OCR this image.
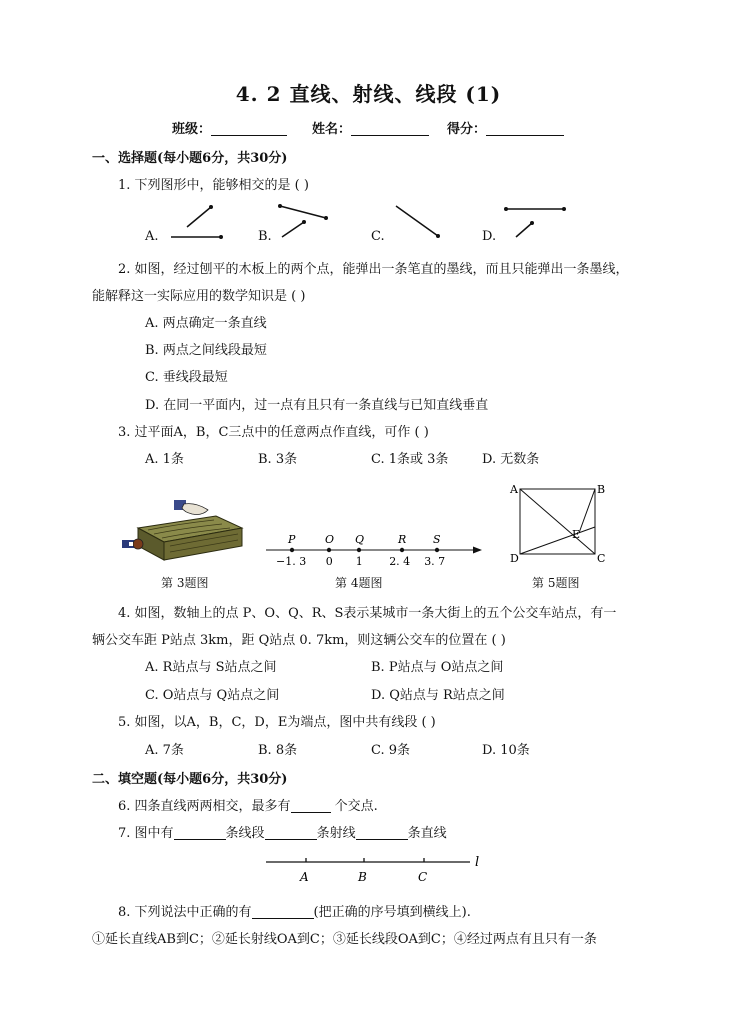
4. 2 直线、射线、线段 (1)
班级：	姓名：	得分：
一、选择题(每小题6分，共30分)
1. 下列图形中，能够相交的是 ( )
A.	B.	C.	D.
2. 如图，经过刨平的木板上的两个点，能弹出一条笔直的墨线，而且只能弹出一条墨线，
能解释这一实际应用的数学知识是 ( )
A. 两点确定一条直线
B. 两点之间线段最短
C. 垂线段最短
D. 在同一平面内，过一点有且只有一条直线与已知直线垂直
3. 过平面A，B，C三点中的任意两点作直线，可作 ( )
A. 1条	B. 3条	C. 1条或 3条	D. 无数条
第 3题图
P
−1. 3
O
0
Q
1
R
2. 4
S
3. 7
第 4题图
A	B
C
D
E
第 5题图
4. 如图，数轴上的点 P、O、Q、R、S表示某城市一条大街上的五个公交车站点，有一
辆公交车距 P站点 3km，距 Q站点 0. 7km，则这辆公交车的位置在 ( )
A. R站点与 S站点之间	B. P站点与 O站点之间
C. O站点与 Q站点之间	D. Q站点与 R站点之间
5. 如图，以A，B，C，D，E为端点，图中共有线段 ( )
A. 7条	B. 8条	C. 9条	D. 10条
二、填空题(每小题6分，共30分)
6. 四条直线两两相交，最多有	个交点.
7. 图中有	条线段	条射线	条直线
A	B	C
l
8. 下列说法中正确的有	(把正确的序号填到横线上).
①延长直线AB到C；②延长射线OA到C；③延长线段OA到C；④经过两点有且只有一条
